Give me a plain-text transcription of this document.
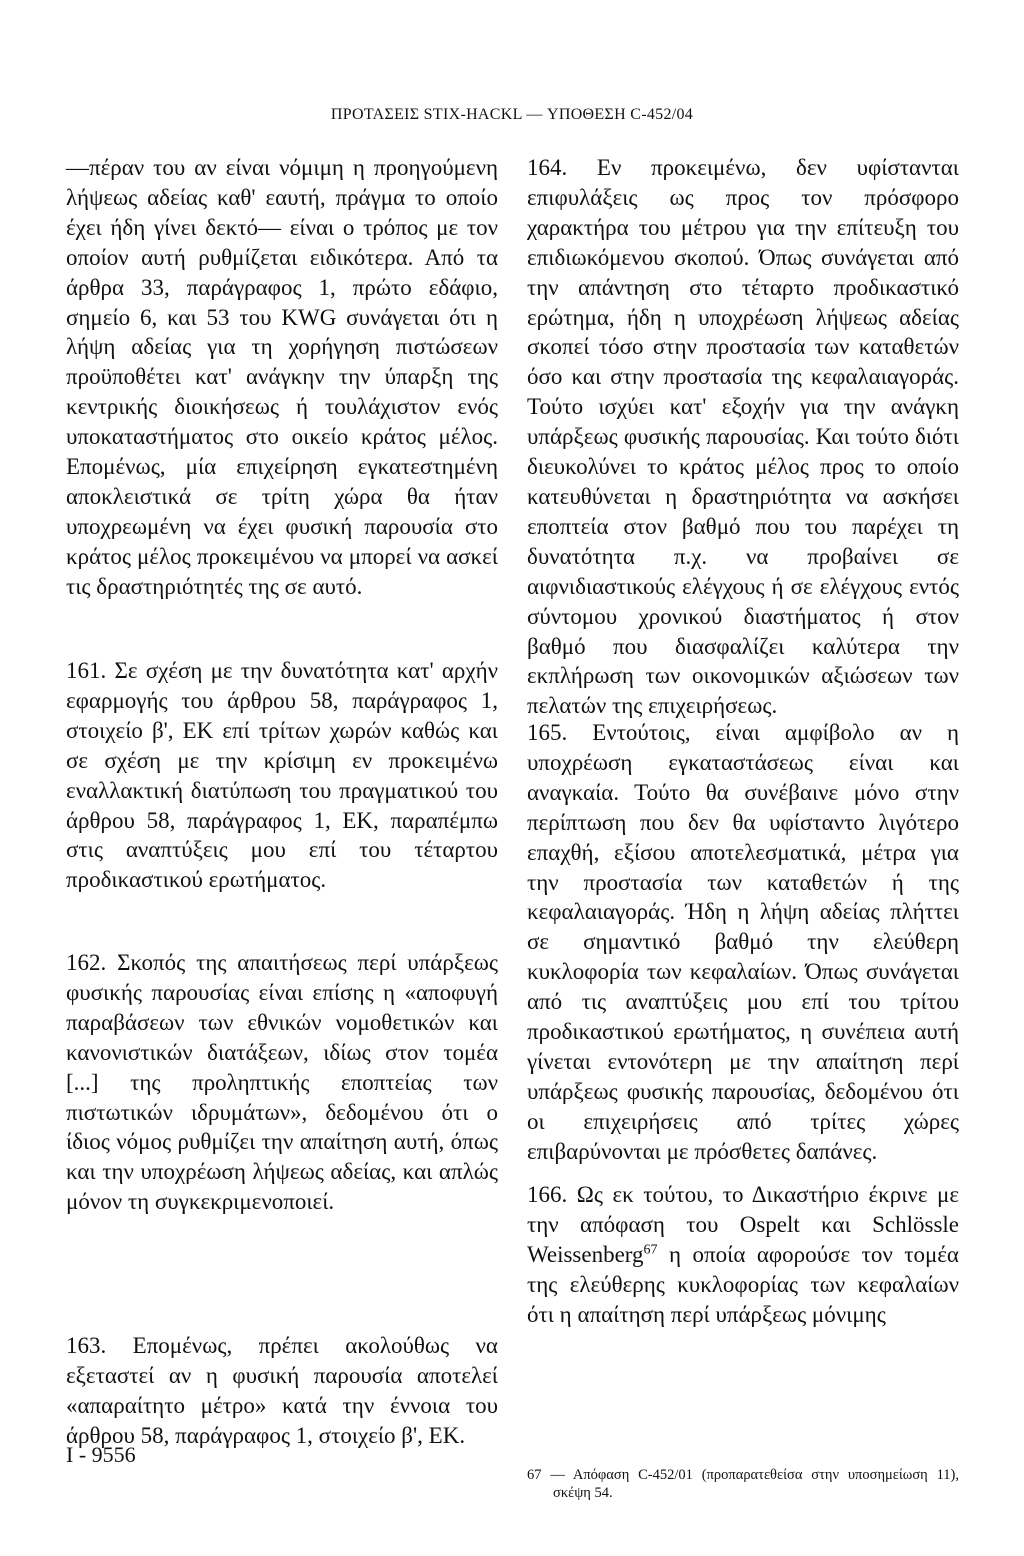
ΠΡΟΤΑΣΕΙΣ STIX-HACKL — ΥΠΟΘΕΣΗ C-452/04

—πέραν του αν είναι νόμιμη η προηγούμενη λήψεως αδείας καθ' εαυτή, πράγμα το οποίο έχει ήδη γίνει δεκτό— είναι ο τρόπος με τον οποίον αυτή ρυθμίζεται ειδικότερα. Από τα άρθρα 33, παράγραφος 1, πρώτο εδάφιο, σημείο 6, και 53 του KWG συνάγεται ότι η λήψη αδείας για τη χορήγηση πιστώσεων προϋποθέτει κατ' ανάγκην την ύπαρξη της κεντρικής διοικήσεως ή τουλάχιστον ενός υποκαταστήματος στο οικείο κράτος μέλος. Επομένως, μία επιχείρηση εγκατεστημένη αποκλειστικά σε τρίτη χώρα θα ήταν υποχρεωμένη να έχει φυσική παρουσία στο κράτος μέλος προκειμένου να μπορεί να ασκεί τις δραστηριότητές της σε αυτό.

161. Σε σχέση με την δυνατότητα κατ' αρχήν εφαρμογής του άρθρου 58, παράγραφος 1, στοιχείο β', ΕΚ επί τρίτων χωρών καθώς και σε σχέση με την κρίσιμη εν προκειμένω εναλλακτική διατύπωση του πραγματικού του άρθρου 58, παράγραφος 1, ΕΚ, παραπέμπω στις αναπτύξεις μου επί του τέταρτου προδικαστικού ερωτήματος.

162. Σκοπός της απαιτήσεως περί υπάρξεως φυσικής παρουσίας είναι επίσης η «αποφυγή παραβάσεων των εθνικών νομοθετικών και κανονιστικών διατάξεων, ιδίως στον τομέα [...] της προληπτικής εποπτείας των πιστωτικών ιδρυμάτων», δεδομένου ότι ο ίδιος νόμος ρυθμίζει την απαίτηση αυτή, όπως και την υποχρέωση λήψεως αδείας, και απλώς μόνον τη συγκεκριμενοποιεί.

163. Επομένως, πρέπει ακολούθως να εξεταστεί αν η φυσική παρουσία αποτελεί «απαραίτητο μέτρο» κατά την έννοια του άρθρου 58, παράγραφος 1, στοιχείο β', ΕΚ.

164. Εν προκειμένω, δεν υφίστανται επιφυλάξεις ως προς τον πρόσφορο χαρακτήρα του μέτρου για την επίτευξη του επιδιωκόμενου σκοπού. Όπως συνάγεται από την απάντηση στο τέταρτο προδικαστικό ερώτημα, ήδη η υποχρέωση λήψεως αδείας σκοπεί τόσο στην προστασία των καταθετών όσο και στην προστασία της κεφαλαιαγοράς. Τούτο ισχύει κατ' εξοχήν για την ανάγκη υπάρξεως φυσικής παρουσίας. Και τούτο διότι διευκολύνει το κράτος μέλος προς το οποίο κατευθύνεται η δραστηριότητα να ασκήσει εποπτεία στον βαθμό που του παρέχει τη δυνατότητα π.χ. να προβαίνει σε αιφνιδιαστικούς ελέγχους ή σε ελέγχους εντός σύντομου χρονικού διαστήματος ή στον βαθμό που διασφαλίζει καλύτερα την εκπλήρωση των οικονομικών αξιώσεων των πελατών της επιχειρήσεως.

165. Εντούτοις, είναι αμφίβολο αν η υποχρέωση εγκαταστάσεως είναι και αναγκαία. Τούτο θα συνέβαινε μόνο στην περίπτωση που δεν θα υφίσταντο λιγότερο επαχθή, εξίσου αποτελεσματικά, μέτρα για την προστασία των καταθετών ή της κεφαλαιαγοράς. Ήδη η λήψη αδείας πλήττει σε σημαντικό βαθμό την ελεύθερη κυκλοφορία των κεφαλαίων. Όπως συνάγεται από τις αναπτύξεις μου επί του τρίτου προδικαστικού ερωτήματος, η συνέπεια αυτή γίνεται εντονότερη με την απαίτηση περί υπάρξεως φυσικής παρουσίας, δεδομένου ότι οι επιχειρήσεις από τρίτες χώρες επιβαρύνονται με πρόσθετες δαπάνες.

166. Ως εκ τούτου, το Δικαστήριο έκρινε με την απόφαση του Ospelt και Schlössle Weissenberg$^{67}$ η οποία αφορούσε τον τομέα της ελεύθερης κυκλοφορίας των κεφαλαίων ότι η απαίτηση περί υπάρξεως μόνιμης

67 — Απόφαση C-452/01 (προπαρατεθείσα στην υποσημείωση 11), σκέψη 54.
I - 9556
